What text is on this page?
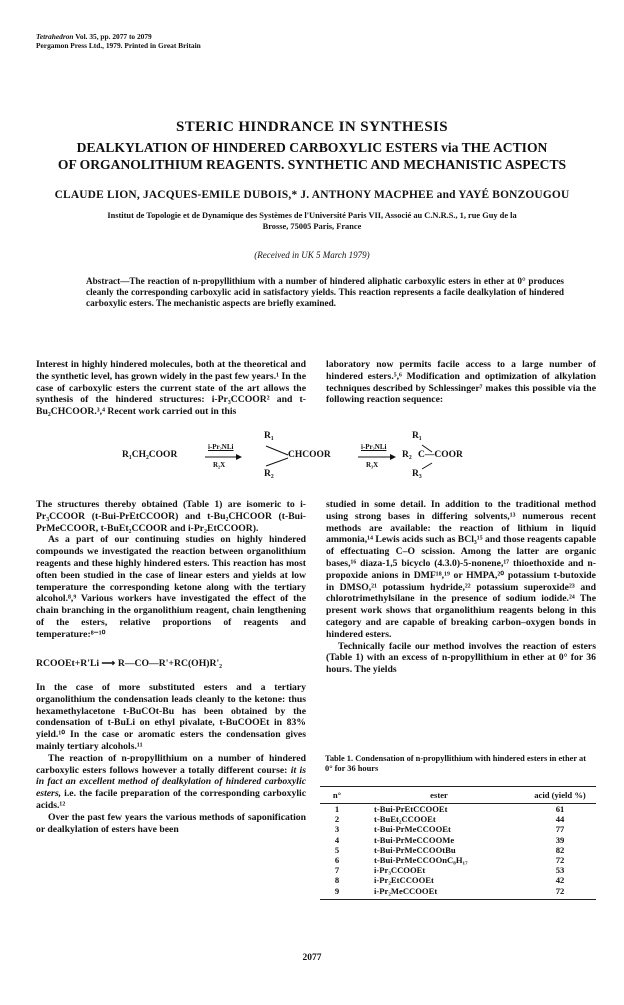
Tetrahedron Vol. 35, pp. 2077 to 2079
Pergamon Press Ltd., 1979. Printed in Great Britain
STERIC HINDRANCE IN SYNTHESIS
DEALKYLATION OF HINDERED CARBOXYLIC ESTERS via THE ACTION
OF ORGANOLITHIUM REAGENTS. SYNTHETIC AND MECHANISTIC ASPECTS
CLAUDE LION, JACQUES-EMILE DUBOIS,* J. ANTHONY MACPHEE and YAYÉ BONZOUGOU
Institut de Topologie et de Dynamique des Systèmes de l'Université Paris VII, Associé au C.N.R.S., 1, rue Guy de la
Brosse, 75005 Paris, France
(Received in UK 5 March 1979)
Abstract—The reaction of n-propyllithium with a number of hindered aliphatic carboxylic esters in ether at 0° produces cleanly the corresponding carboxylic acid in satisfactory yields. This reaction represents a facile dealkylation of hindered carboxylic esters. The mechanistic aspects are briefly examined.

Interest in highly hindered molecules, both at the theoretical and the synthetic level, has grown widely in the past few years.¹ In the case of carboxylic esters the current state of the art allows the synthesis of the hindered structures: i-Pr₃CCOOR² and t-Bu₂CHCOOR.³,⁴ Recent work carried out in this

laboratory now permits facile access to a large number of hindered esters.⁵,⁶ Modification and optimization of alkylation techniques described by Schlessinger⁷ makes this possible via the following reaction sequence:

R₁CH₂COOR
i-Pr₂NLi
R₂X
R₁
CHCOOR
R₂
i-Pr₂NLi
R₃X
R₁
R₂ C—COOR
R₃

The structures thereby obtained (Table 1) are isomeric to i-Pr₃CCOOR (t-Bui-PrEtCCOOR) and t-Bu₂CHCOOR (t-Bui-PrMeCCOOR, t-BuEt₂CCOOR and i-Pr₂EtCCOOR).

As a part of our continuing studies on highly hindered compounds we investigated the reaction between organolithium reagents and these highly hindered esters. This reaction has most often been studied in the case of linear esters and yields at low temperature the corresponding ketone along with the tertiary alcohol.⁸,⁹ Various workers have investigated the effect of the chain branching in the organolithium reagent, chain lengthening of the esters, relative proportions of reagents and temperature:⁸⁻¹⁰

RCOOEt+R'Li ⟶ R—CO—R'+RC(OH)R'₂

In the case of more substituted esters and a tertiary organolithium the condensation leads cleanly to the ketone: thus hexamethylacetone t-BuCOt-Bu has been obtained by the condensation of t-BuLi on ethyl pivalate, t-BuCOOEt in 83% yield.¹⁰ In the case or aromatic esters the condensation gives mainly tertiary alcohols.¹¹

The reaction of n-propyllithium on a number of hindered carboxylic esters follows however a totally different course: it is in fact an excellent method of dealkylation of hindered carboxylic esters, i.e. the facile preparation of the corresponding carboxylic acids.¹²

Over the past few years the various methods of saponification or dealkylation of esters have been

studied in some detail. In addition to the traditional method using strong bases in differing solvents,¹³ numerous recent methods are available: the reaction of lithium in liquid ammonia,¹⁴ Lewis acids such as BCl₃¹⁵ and those reagents capable of effectuating C–O scission. Among the latter are organic bases,¹⁶ diaza-1,5 bicyclo (4.3.0)-5-nonene,¹⁷ thioethoxide and n-propoxide anions in DMF¹⁸,¹⁹ or HMPA,²⁰ potassium t-butoxide in DMSO,²¹ potassium hydride,²² potassium superoxide²³ and chlorotrimethylsilane in the presence of sodium iodide.²⁴ The present work shows that organolithium reagents belong in this category and are capable of breaking carbon–oxygen bonds in hindered esters.

Technically facile our method involves the reaction of esters (Table 1) with an excess of n-propyllithium in ether at 0° for 36 hours. The yields

Table 1. Condensation of n-propyllithium with hindered esters in ether at 0° for 36 hours
n°	ester	acid (yield %)
1	t-Bui-PrEtCCOOEt	61
2	t-BuEt₂CCOOEt	44
3	t-Bui-PrMeCCOOEt	77
4	t-Bui-PrMeCCOOMe	39
5	t-Bui-PrMeCCOOtBu	82
6	t-Bui-PrMeCCOOnC₈H₁₇	72
7	i-Pr₃CCOOEt	53
8	i-Pr₂EtCCOOEt	42
9	i-Pr₂MeCCOOEt	72
2077
